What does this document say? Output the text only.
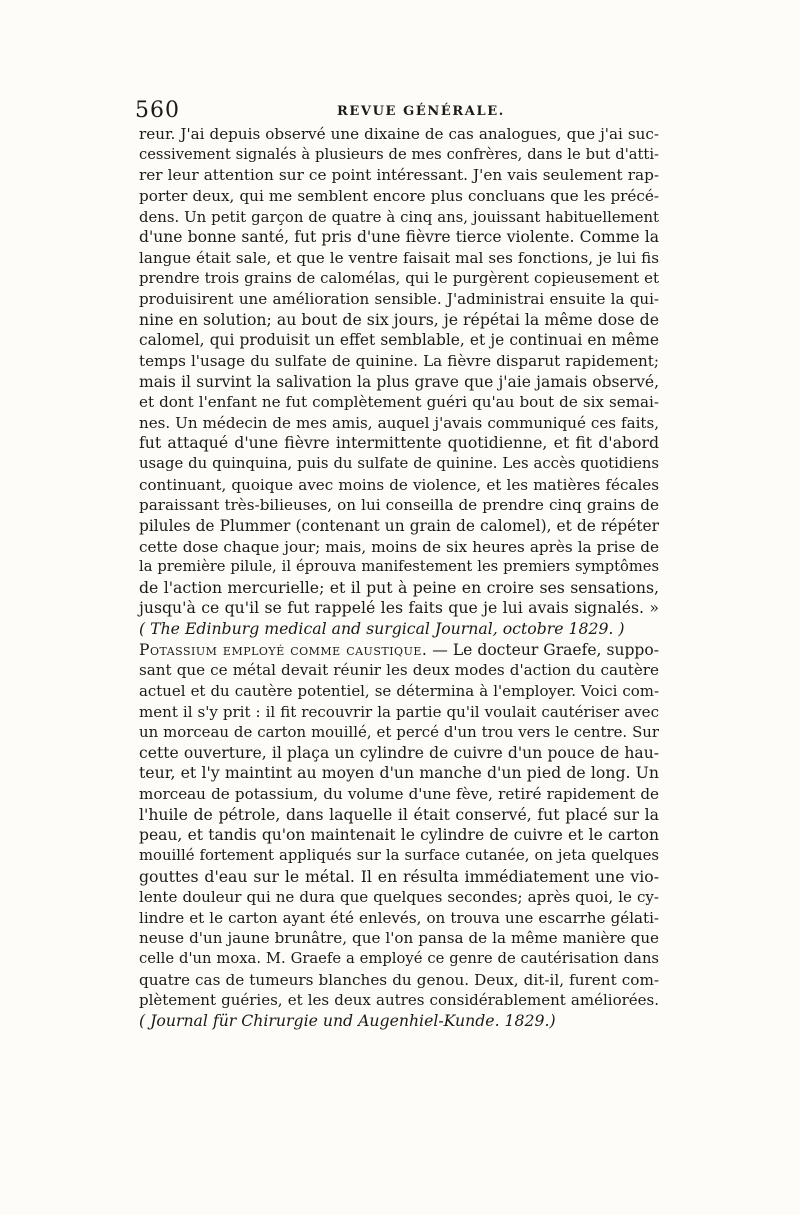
560	REVUE GÉNÉRALE.
reur. J'ai depuis observé une dixaine de cas analogues, que j'ai suc-
cessivement signalés à plusieurs de mes confrères, dans le but d'atti-
rer leur attention sur ce point intéressant. J'en vais seulement rap-
porter deux, qui me semblent encore plus concluans que les précé-
dens. Un petit garçon de quatre à cinq ans, jouissant habituellement
d'une bonne santé, fut pris d'une fièvre tierce violente. Comme la
langue était sale, et que le ventre faisait mal ses fonctions, je lui fis
prendre trois grains de calomélas, qui le purgèrent copieusement et
produisirent une amélioration sensible. J'administrai ensuite la qui-
nine en solution; au bout de six jours, je répétai la même dose de
calomel, qui produisit un effet semblable, et je continuai en même
temps l'usage du sulfate de quinine. La fièvre disparut rapidement;
mais il survint la salivation la plus grave que j'aie jamais observé,
et dont l'enfant ne fut complètement guéri qu'au bout de six semai-
nes. Un médecin de mes amis, auquel j'avais communiqué ces faits,
fut attaqué d'une fièvre intermittente quotidienne, et fit d'abord
usage du quinquina, puis du sulfate de quinine. Les accès quotidiens
continuant, quoique avec moins de violence, et les matières fécales
paraissant très-bilieuses, on lui conseilla de prendre cinq grains de
pilules de Plummer (contenant un grain de calomel), et de répéter
cette dose chaque jour; mais, moins de six heures après la prise de
la première pilule, il éprouva manifestement les premiers symptômes
de l'action mercurielle; et il put à peine en croire ses sensations,
jusqu'à ce qu'il se fut rappelé les faits que je lui avais signalés. »
( The Edinburg medical and surgical Journal, octobre 1829. )
Potassium employé comme caustique. — Le docteur Graefe, suppo-
sant que ce métal devait réunir les deux modes d'action du cautère
actuel et du cautère potentiel, se détermina à l'employer. Voici com-
ment il s'y prit : il fit recouvrir la partie qu'il voulait cautériser avec
un morceau de carton mouillé, et percé d'un trou vers le centre. Sur
cette ouverture, il plaça un cylindre de cuivre d'un pouce de hau-
teur, et l'y maintint au moyen d'un manche d'un pied de long. Un
morceau de potassium, du volume d'une fève, retiré rapidement de
l'huile de pétrole, dans laquelle il était conservé, fut placé sur la
peau, et tandis qu'on maintenait le cylindre de cuivre et le carton
mouillé fortement appliqués sur la surface cutanée, on jeta quelques
gouttes d'eau sur le métal. Il en résulta immédiatement une vio-
lente douleur qui ne dura que quelques secondes; après quoi, le cy-
lindre et le carton ayant été enlevés, on trouva une escarrhe gélati-
neuse d'un jaune brunâtre, que l'on pansa de la même manière que
celle d'un moxa. M. Graefe a employé ce genre de cautérisation dans
quatre cas de tumeurs blanches du genou. Deux, dit-il, furent com-
plètement guéries, et les deux autres considérablement améliorées.
( Journal für Chirurgie und Augenhiel-Kunde. 1829.)
